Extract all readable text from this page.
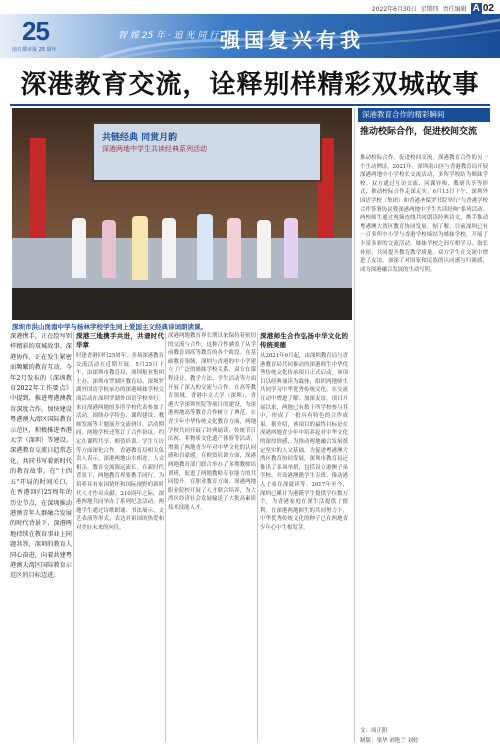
2022年6月30日 星期四 责任编辑 A 02
25
南方都市报 25 周年
智 媒 25 年 · 追 光 同 行 强国复兴有我
深港教育交流，诠释别样精彩双城故事
共链经典 同赏月韵
深港两地中学生共读经典系列活动
深圳市洪山岗南中学与杨林学校学生同上爱国主义经典诗词朗读课。
深港教育合作的精彩瞬间
推动校际合作，促进校间交流
推动校际合作，促进校间交流。深港教育合作的另一个生动例证。2021年，深圳南山区与香港教育局开展深港两地中小学校长交流活动，多所学校结为姊妹学校。双方通过互访交流、同课异构、教研共享等形式，推动校际合作走深走实。6月13日下午，深圳外国语学校（集团）和香港圣保罗书院举行"与香港学校合作签署协议暨深港两地中学生共读经典"系列活动。两校师生通过视频连线共同朗读经典诗文，携手推动粤港澳大湾区教育协同发展。据了解，目前深圳已有一百多所中小学与香港学校缔结为姊妹学校，开展了丰富多彩的交流活动。姊妹学校之间互相学习、取长补短，共同提升教育教学质量。双方学生在交流中增进了友谊，加深了对国家和民族的认同感与归属感，成为深港融合发展的生动写照。
文：周正阳
制版：梁华 刘艳兰 刘婷
深港携手，正在绘写别样精彩的双城故事。深港协作，正在发生紧密而频繁的教育互动。今年2月发布的《深圳教育2022年工作要点》中提到，推进粤港澳教育深度合作，加快建设粤港澳大湾区国际教育示范区，积极推进香港大学（深圳）等建设。深港教育交流日趋常态化，共同书写着新时代的教育故事。在"十四五"开局的时间关口，在香港回归25周年的历史节点，在深圳推动港澳青年人群融合发展的时代背景下，深港两地持续在教育事业上同题共答，深圳的教育人同心奋进，向着共建粤港澳大湾区国际教育示范区的目标迈进。
深港三地携手共进，共谱时代华章
时逢香港回归25周年，多场深港教育交流活动在近期开展。5月25日下午，由深圳市教育局、深圳报业集团主办，深圳市罗湖区教育局、深圳罗湖外国语学校承办的深港姊妹学校交流活动在深圳罗湖外国语学校举行。来自深港两地的多所学校代表参加了活动，围绕办学特色、课程建设、教师发展等主题展开交流研讨。活动期间，两地学校还签订了合作协议，约定在课程共享、师资培训、学生互访等方面深化合作。香港教育局相关负责人表示，深港两地山水相连、人文相亲，教育交流源远流长。在新时代背景下，两地教育界要携手同行，为培养具有家国情怀和国际视野的新时代人才作出贡献。210周年之际，深港两地共同举办了系列纪念活动。两地学生通过诗歌朗诵、书法展示、文艺表演等形式，表达对祖国的热爱和对美好未来的向往。
深港两地教育界长期以来保持着密切的交流与合作，这种合作涵盖了从学前教育到高等教育的各个阶段。在基础教育领域，深圳与香港的中小学建立了广泛的姊妹学校关系，双方在课程设计、教学方法、学生活动等方面开展了深入的交流与合作。在高等教育领域，香港中文大学（深圳）、香港大学深圳医院等项目的建设，为深港两地高等教育合作树立了典范。在青少年中华传统文化教育方面，两地学校共同开展了经典诵读、传统节日庆祝、非物质文化遗产体验等活动，增强了两地青少年对中华文化的认同感和自豪感。在师资培训方面，深港两地教育部门联合举办了多期教师培训班，促进了两地教师专业能力的共同提升。在职业教育方面，深港两地职业院校开展了人才联合培养，为大湾区经济社会发展输送了大批高素质技术技能人才。
深港师生合作弘扬中华文化的传统美德
从2021年9月起，由深圳教育局与香港教育局共同推动的深港师生中华优秀传统文化传承项目正式启动。该项目以经典诵读为载体，组织两地师生共同学习中华优秀传统文化，在交流互动中增进了解、加深友谊。项目开展以来，两地已有数十所学校参与其中，形成了一批具有特色的合作成果。据介绍，该项目的最终目标是在深港两地青少年中培养起对中华文化的深厚情感，为推动两地融合发展奠定坚实的人文基础。为促进粤港澳大湾区教育协同发展，深圳市教育局还推出了多项举措，包括设立港澳子弟学校、开设港澳籍学生专班、推动港人子弟在深就读等。2017年至今，深圳已累计为港籍学生提供学位数万个，为香港家庭在深生活提供了便利。在深港两地师生的共同努力下，中华优秀传统文化的种子已在两地青少年心中生根发芽。
